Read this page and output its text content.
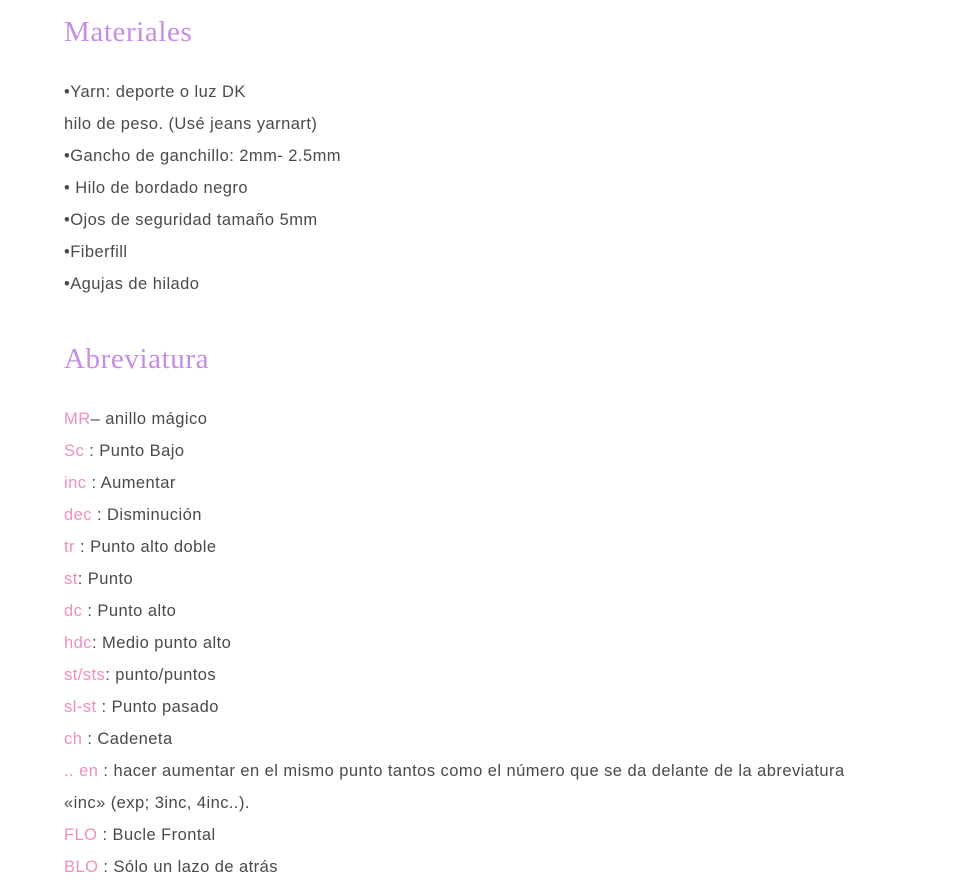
Materiales
•Yarn: deporte o luz DK
hilo de peso. (Usé jeans yarnart)
•Gancho de ganchillo: 2mm- 2.5mm
• Hilo de bordado negro
•Ojos de seguridad tamaño 5mm
•Fiberfill
•Agujas de hilado
Abreviatura
MR– anillo mágico
Sc : Punto Bajo
inc : Aumentar
dec : Disminución
tr : Punto alto doble
st: Punto
dc : Punto alto
hdc: Medio punto alto
st/sts: punto/puntos
sl-st : Punto pasado
ch : Cadeneta
.. en : hacer aumentar en el mismo punto tantos como el número que se da delante de la abreviatura
«inc» (exp; 3inc, 4inc..).
FLO : Bucle Frontal
BLO : Sólo un lazo de atrás
